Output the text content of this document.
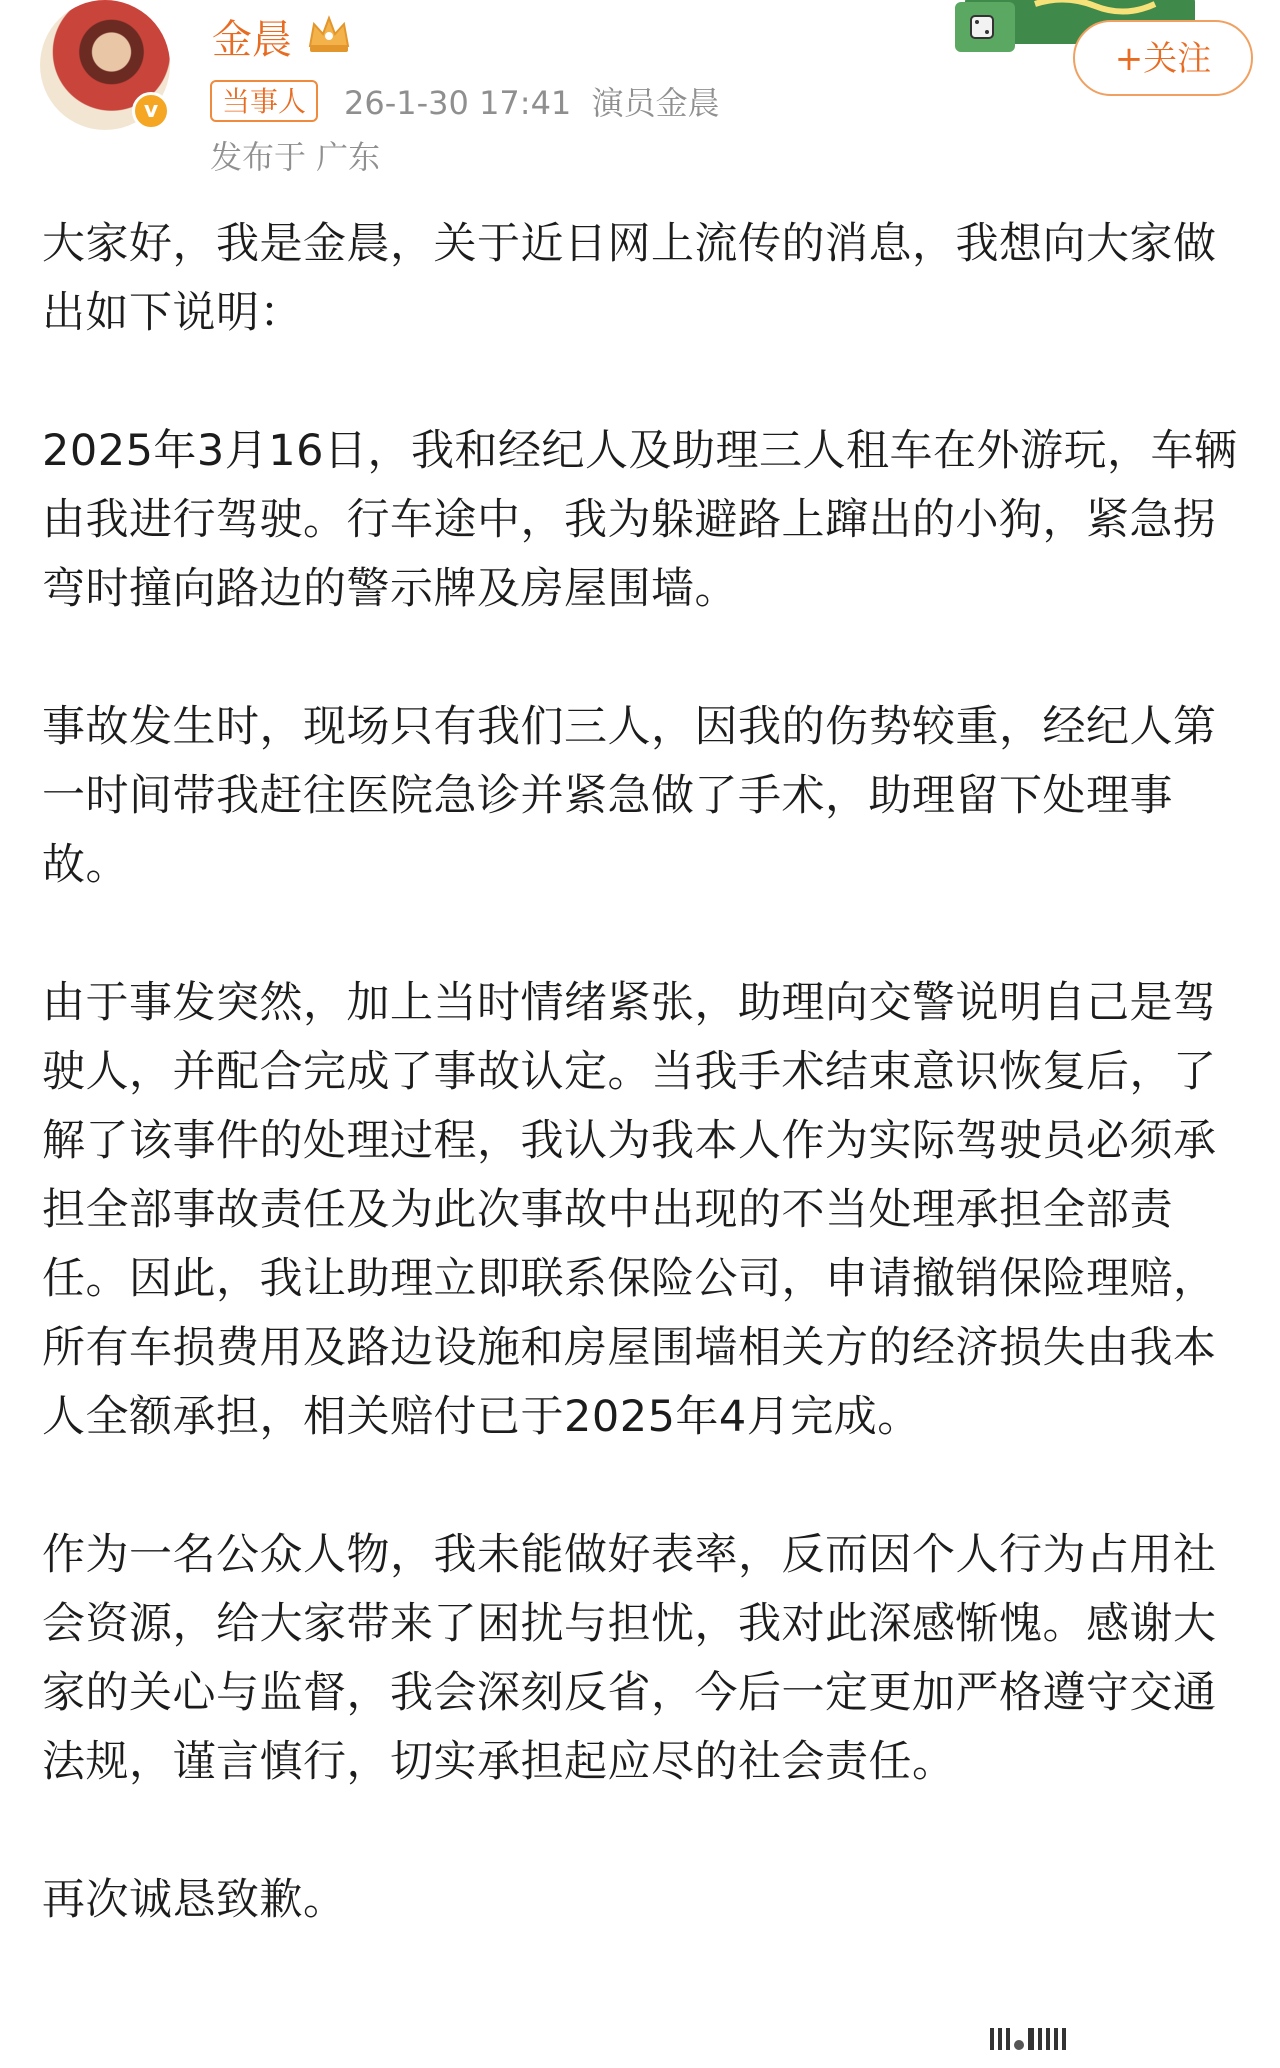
v
金晨
当事人	26-1-30 17:41 演员金晨
发布于 广东
+关注

大家好，我是金晨，关于近日网上流传的消息，我想向大家做出如下说明：

2025年3月16日，我和经纪人及助理三人租车在外游玩，车辆由我进行驾驶。行车途中，我为躲避路上蹿出的小狗，紧急拐弯时撞向路边的警示牌及房屋围墙。

事故发生时，现场只有我们三人，因我的伤势较重，经纪人第一时间带我赶往医院急诊并紧急做了手术，助理留下处理事故。

由于事发突然，加上当时情绪紧张，助理向交警说明自己是驾驶人，并配合完成了事故认定。当我手术结束意识恢复后，了解了该事件的处理过程，我认为我本人作为实际驾驶员必须承担全部事故责任及为此次事故中出现的不当处理承担全部责任。因此，我让助理立即联系保险公司，申请撤销保险理赔，所有车损费用及路边设施和房屋围墙相关方的经济损失由我本人全额承担，相关赔付已于2025年4月完成。

作为一名公众人物，我未能做好表率，反而因个人行为占用社会资源，给大家带来了困扰与担忧，我对此深感惭愧。感谢大家的关心与监督，我会深刻反省，今后一定更加严格遵守交通法规，谨言慎行，切实承担起应尽的社会责任。

再次诚恳致歉。
